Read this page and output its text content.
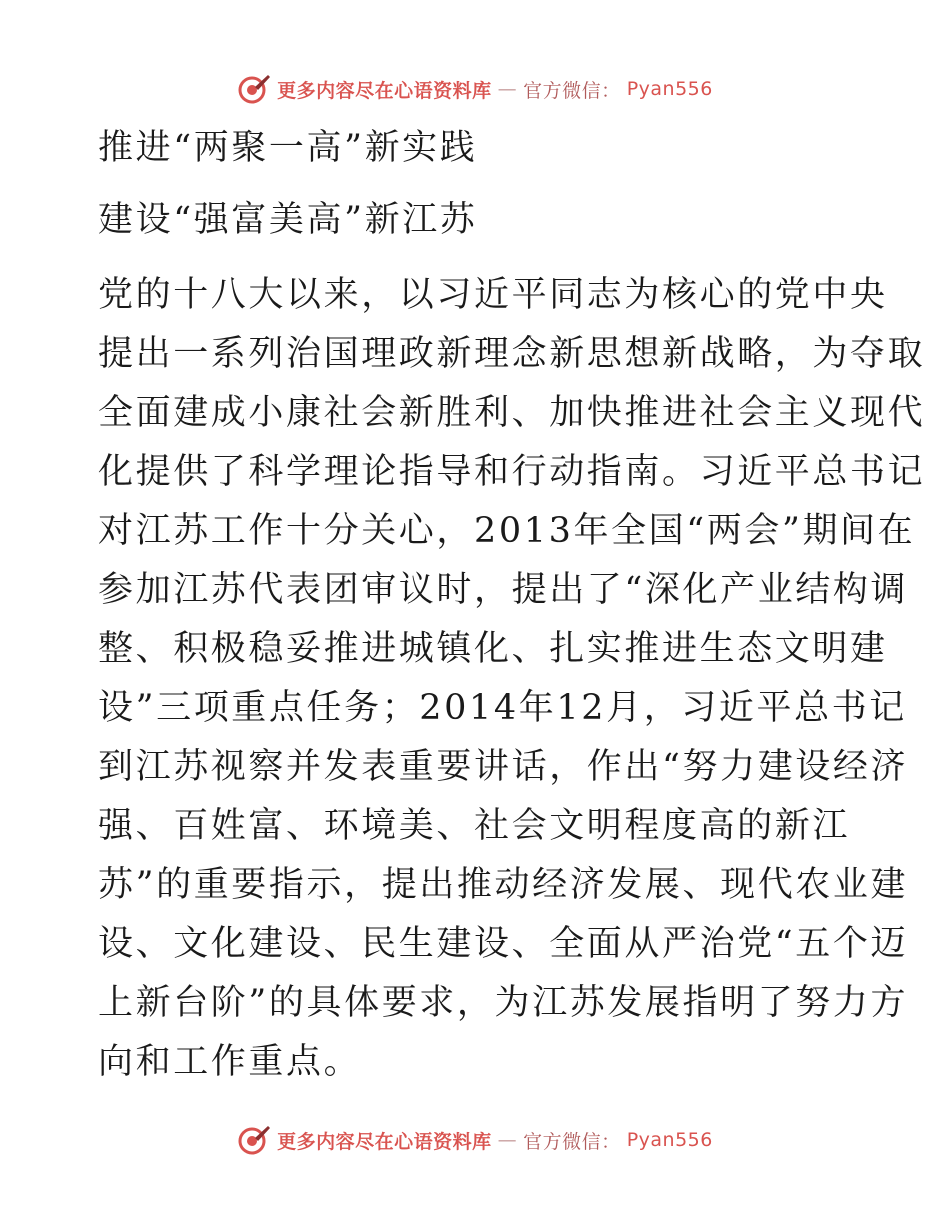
更多内容尽在心语资料库 — 官方微信： Pyan556
推进“两聚一高”新实践
建设“强富美高”新江苏
党的十八大以来，以习近平同志为核心的党中央
提出一系列治国理政新理念新思想新战略，为夺取
全面建成小康社会新胜利、加快推进社会主义现代
化提供了科学理论指导和行动指南。习近平总书记
对江苏工作十分关心，2013年全国“两会”期间在
参加江苏代表团审议时，提出了“深化产业结构调
整、积极稳妥推进城镇化、扎实推进生态文明建
设”三项重点任务；2014年12月，习近平总书记
到江苏视察并发表重要讲话，作出“努力建设经济
强、百姓富、环境美、社会文明程度高的新江
苏”的重要指示，提出推动经济发展、现代农业建
设、文化建设、民生建设、全面从严治党“五个迈
上新台阶”的具体要求，为江苏发展指明了努力方
向和工作重点。
更多内容尽在心语资料库 — 官方微信： Pyan556
